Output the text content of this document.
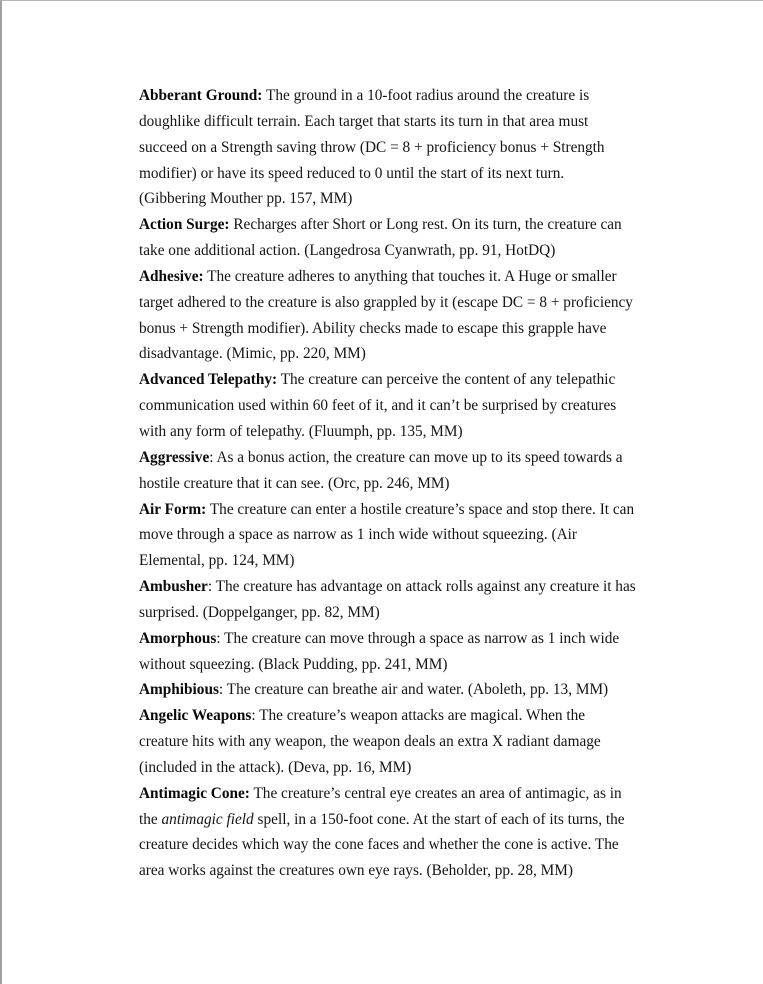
Abberant Ground: The ground in a 10-foot radius around the creature is
doughlike difficult terrain. Each target that starts its turn in that area must
succeed on a Strength saving throw (DC = 8 + proficiency bonus + Strength
modifier) or have its speed reduced to 0 until the start of its next turn.
(Gibbering Mouther pp. 157, MM)
Action Surge: Recharges after Short or Long rest. On its turn, the creature can
take one additional action. (Langedrosa Cyanwrath, pp. 91, HotDQ)
Adhesive: The creature adheres to anything that touches it. A Huge or smaller
target adhered to the creature is also grappled by it (escape DC = 8 + proficiency
bonus + Strength modifier). Ability checks made to escape this grapple have
disadvantage. (Mimic, pp. 220, MM)
Advanced Telepathy: The creature can perceive the content of any telepathic
communication used within 60 feet of it, and it can’t be surprised by creatures
with any form of telepathy. (Fluumph, pp. 135, MM)
Aggressive: As a bonus action, the creature can move up to its speed towards a
hostile creature that it can see. (Orc, pp. 246, MM)
Air Form: The creature can enter a hostile creature’s space and stop there. It can
move through a space as narrow as 1 inch wide without squeezing. (Air
Elemental, pp. 124, MM)
Ambusher: The creature has advantage on attack rolls against any creature it has
surprised. (Doppelganger, pp. 82, MM)
Amorphous: The creature can move through a space as narrow as 1 inch wide
without squeezing. (Black Pudding, pp. 241, MM)
Amphibious: The creature can breathe air and water. (Aboleth, pp. 13, MM)
Angelic Weapons: The creature’s weapon attacks are magical. When the
creature hits with any weapon, the weapon deals an extra X radiant damage
(included in the attack). (Deva, pp. 16, MM)
Antimagic Cone: The creature’s central eye creates an area of antimagic, as in
the antimagic field spell, in a 150-foot cone. At the start of each of its turns, the
creature decides which way the cone faces and whether the cone is active. The
area works against the creatures own eye rays. (Beholder, pp. 28, MM)
